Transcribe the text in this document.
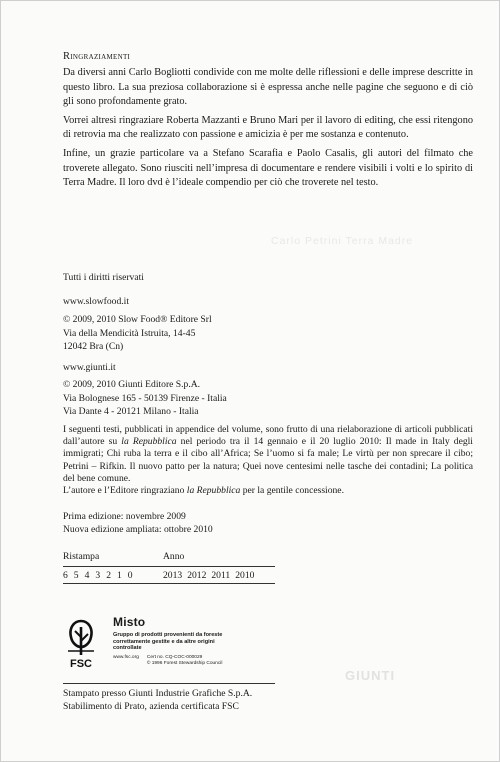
Ringraziamenti

Da diversi anni Carlo Bogliotti condivide con me molte delle riflessioni e delle imprese descritte in questo libro. La sua preziosa collaborazione si è espressa anche nelle pagine che seguono e di ciò gli sono profondamente grato.

Vorrei altresì ringraziare Roberta Mazzanti e Bruno Mari per il lavoro di editing, che essi ritengono di retrovia ma che realizzato con passione e amicizia è per me sostanza e contenuto.

Infine, un grazie particolare va a Stefano Scarafia e Paolo Casalis, gli autori del filmato che troverete allegato. Sono riusciti nell’impresa di documentare e rendere visibili i volti e lo spirito di Terra Madre. Il loro dvd è l’ideale compendio per ciò che troverete nel testo.

Carlo Petrini Terra Madre

Tutti i diritti riservati

www.slowfood.it

© 2009, 2010 Slow Food® Editore Srl

Via della Mendicità Istruita, 14-45

12042 Bra (Cn)

www.giunti.it

© 2009, 2010 Giunti Editore S.p.A.

Via Bolognese 165 - 50139 Firenze - Italia

Via Dante 4 - 20121 Milano - Italia

I seguenti testi, pubblicati in appendice del volume, sono frutto di una rielaborazione di articoli pubblicati dall’autore su la Repubblica nel periodo tra il 14 gennaio e il 20 luglio 2010: Il made in Italy degli immigrati; Chi ruba la terra e il cibo all’Africa; Se l’uomo si fa male; Le virtù per non sprecare il cibo; Petrini – Rifkin. Il nuovo patto per la natura; Quei nove centesimi nelle tasche dei contadini; La politica del bene comune.

L’autore e l’Editore ringraziano la Repubblica per la gentile concessione.

Prima edizione: novembre 2009

Nuova edizione ampliata: ottobre 2010

Ristampa	Anno
6 5 4 3 2 1 0	2013 2012 2011 2010
FSC
Misto
Gruppo di prodotti provenienti da foreste
correttamente gestite e da altre origini
controllate
www.fsc.org Cert no. CQ-COC-000029
© 1996 Forest Stewardship Council
GIUNTI

Stampato presso Giunti Industrie Grafiche S.p.A.

Stabilimento di Prato, azienda certificata FSC
